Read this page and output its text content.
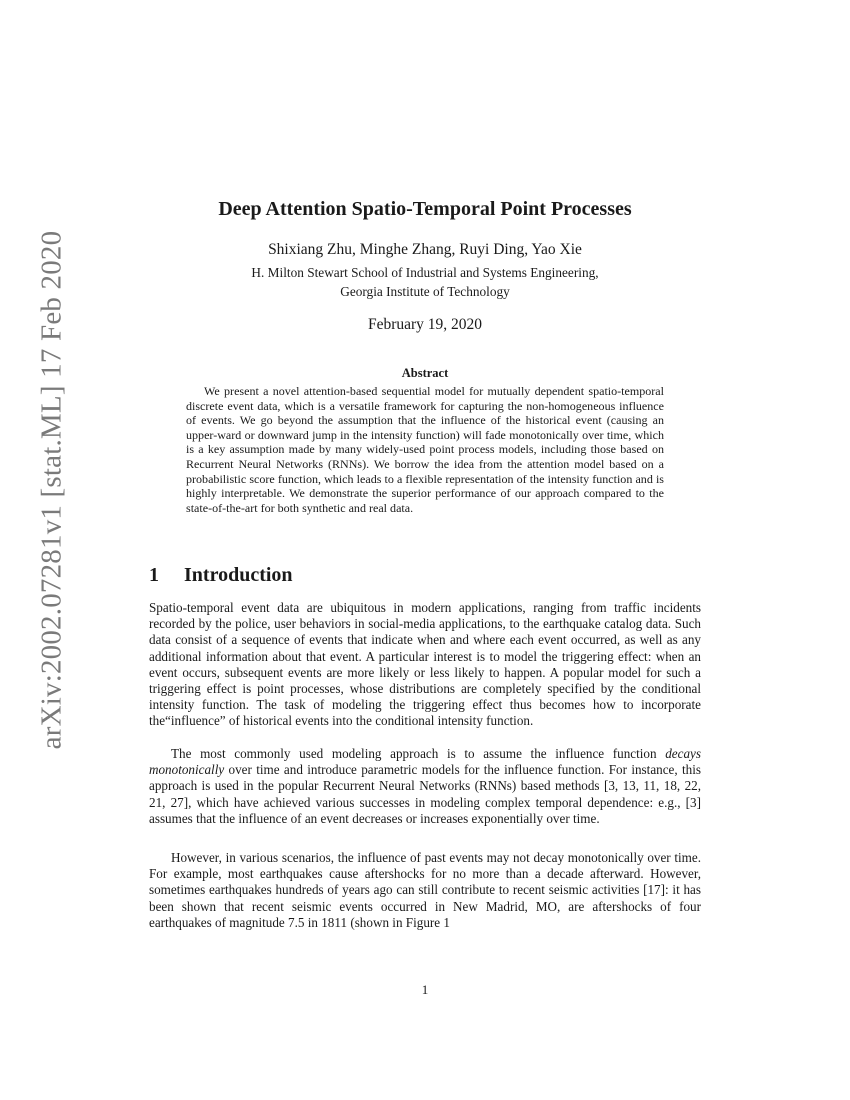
arXiv:2002.07281v1 [stat.ML] 17 Feb 2020
Deep Attention Spatio-Temporal Point Processes
Shixiang Zhu, Minghe Zhang, Ruyi Ding, Yao Xie
H. Milton Stewart School of Industrial and Systems Engineering,
Georgia Institute of Technology
February 19, 2020
Abstract

We present a novel attention-based sequential model for mutually dependent spatio-temporal discrete event data, which is a versatile framework for capturing the non-homogeneous influence of events. We go beyond the assumption that the influence of the historical event (causing an upper-ward or downward jump in the intensity function) will fade monotonically over time, which is a key assumption made by many widely-used point process models, including those based on Recurrent Neural Networks (RNNs). We borrow the idea from the attention model based on a probabilistic score function, which leads to a flexible representation of the intensity function and is highly interpretable. We demonstrate the superior performance of our approach compared to the state-of-the-art for both synthetic and real data.

1 Introduction

Spatio-temporal event data are ubiquitous in modern applications, ranging from traffic incidents recorded by the police, user behaviors in social-media applications, to the earthquake catalog data. Such data consist of a sequence of events that indicate when and where each event occurred, as well as any additional information about that event. A particular interest is to model the triggering effect: when an event occurs, subsequent events are more likely or less likely to happen. A popular model for such a triggering effect is point processes, whose distributions are completely specified by the conditional intensity function. The task of modeling the triggering effect thus becomes how to incorporate the“influence” of historical events into the conditional intensity function.

The most commonly used modeling approach is to assume the influence function decays monotonically over time and introduce parametric models for the influence function. For instance, this approach is used in the popular Recurrent Neural Networks (RNNs) based methods [3, 13, 11, 18, 22, 21, 27], which have achieved various successes in modeling complex temporal dependence: e.g., [3] assumes that the influence of an event decreases or increases exponentially over time.

However, in various scenarios, the influence of past events may not decay monotonically over time. For example, most earthquakes cause aftershocks for no more than a decade afterward. However, sometimes earthquakes hundreds of years ago can still contribute to recent seismic activities [17]: it has been shown that recent seismic events occurred in New Madrid, MO, are aftershocks of four earthquakes of magnitude 7.5 in 1811 (shown in Figure 1

1
